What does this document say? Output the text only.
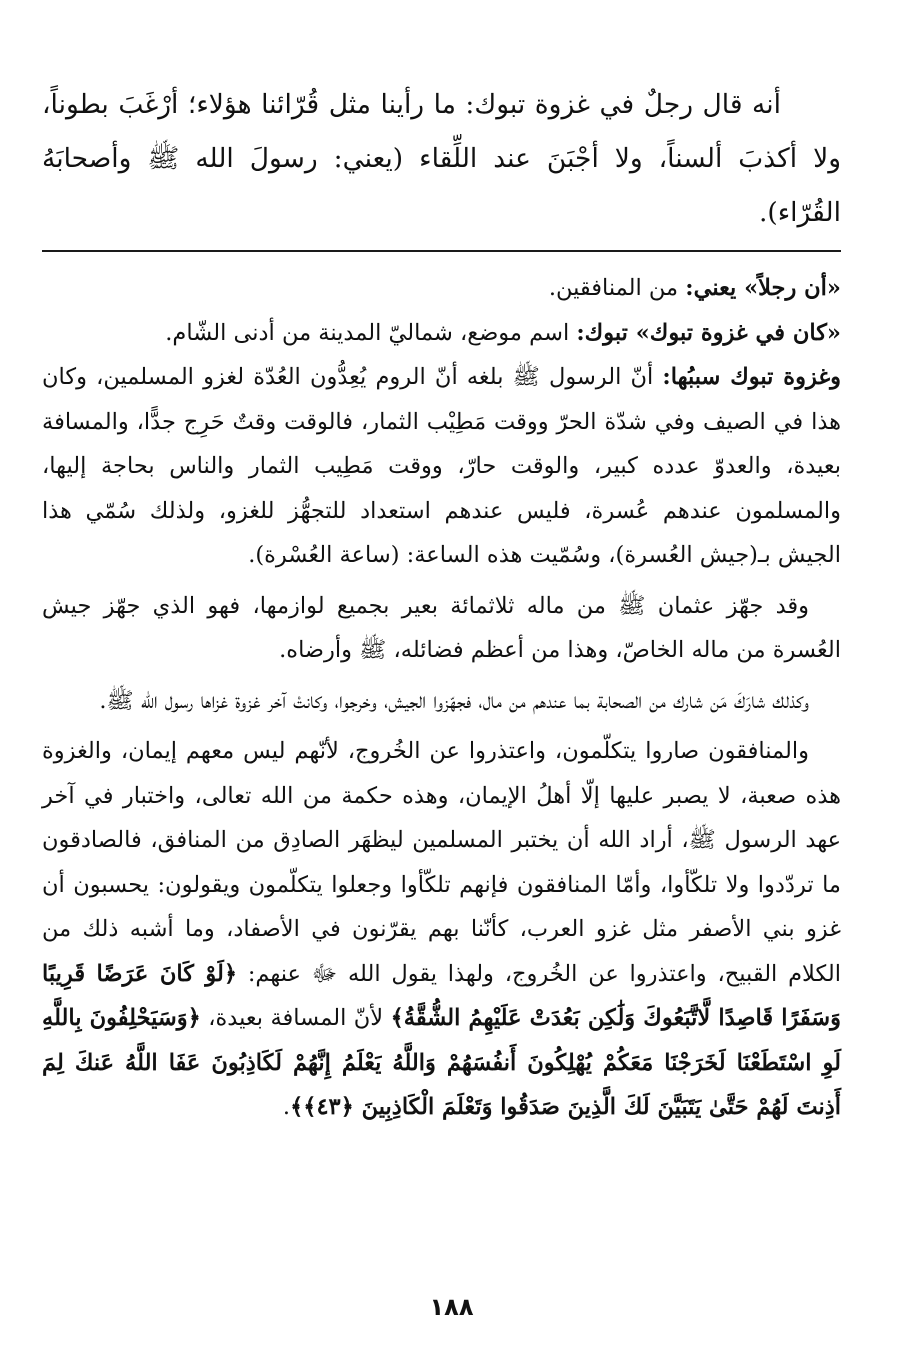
أنه قال رجلٌ في غزوة تبوك: ما رأينا مثل قُرّائنا هؤلاء؛ أرْغَبَ بطوناً، ولا أكذبَ ألسناً، ولا أجْبَنَ عند اللِّقاء (يعني: رسولَ الله ﷺ وأصحابَهُ القُرّاء).

«أن رجلاً» يعني: من المنافقين.

«كان في غزوة تبوك» تبوك: اسم موضع، شماليّ المدينة من أدنى الشّام.

وغزوة تبوك سببُها: أنّ الرسول ﷺ بلغه أنّ الروم يُعِدُّون العُدّة لغزو المسلمين، وكان هذا في الصيف وفي شدّة الحرّ ووقت مَطِيْب الثمار، فالوقت وقتٌ حَرِج جدًّا، والمسافة بعيدة، والعدوّ عدده كبير، والوقت حارّ، ووقت مَطِيب الثمار والناس بحاجة إليها، والمسلمون عندهم عُسرة، فليس عندهم استعداد للتجهُّز للغزو، ولذلك سُمّي هذا الجيش بـ(جيش العُسرة)، وسُمّيت هذه الساعة: (ساعة العُسْرة).

وقد جهّز عثمان ﷺ من ماله ثلاثمائة بعير بجميع لوازمها، فهو الذي جهّز جيش العُسرة من ماله الخاصّ، وهذا من أعظم فضائله، ﷺ وأرضاه.

وكذلك شارَكَ مَن شارك من الصحابة بما عندهم من مال، فجهّزوا الجيش، وخرجوا، وكانتْ آخر غزوة غزاها رسول الله ﷺ.

والمنافقون صاروا يتكلّمون، واعتذروا عن الخُروج، لأنّهم ليس معهم إيمان، والغزوة هذه صعبة، لا يصبر عليها إلّا أهلُ الإيمان، وهذه حكمة من الله تعالى، واختبار في آخر عهد الرسول ﷺ، أراد الله أن يختبر المسلمين ليظهَر الصادِق من المنافق، فالصادقون ما تردّدوا ولا تلكّأوا، وأمّا المنافقون فإنهم تلكّأوا وجعلوا يتكلّمون ويقولون: يحسبون أن غزو بني الأصفر مثل غزو العرب، كأنّنا بهم يقرّنون في الأصفاد، وما أشبه ذلك من الكلام القبيح، واعتذروا عن الخُروج، ولهذا يقول الله ﷻ عنهم: ﴿لَوْ كَانَ عَرَضًا قَرِيبًا وَسَفَرًا قَاصِدًا لَّاتَّبَعُوكَ وَلَٰكِن بَعُدَتْ عَلَيْهِمُ الشُّقَّةُ﴾ لأنّ المسافة بعيدة، ﴿وَسَيَحْلِفُونَ بِاللَّهِ لَوِ اسْتَطَعْنَا لَخَرَجْنَا مَعَكُمْ يُهْلِكُونَ أَنفُسَهُمْ وَاللَّهُ يَعْلَمُ إِنَّهُمْ لَكَاذِبُونَ عَفَا اللَّهُ عَنكَ لِمَ أَذِنتَ لَهُمْ حَتَّىٰ يَتَبَيَّنَ لَكَ الَّذِينَ صَدَقُوا وَتَعْلَمَ الْكَاذِبِينَ ﴿٤٣﴾﴾.

١٨٨
